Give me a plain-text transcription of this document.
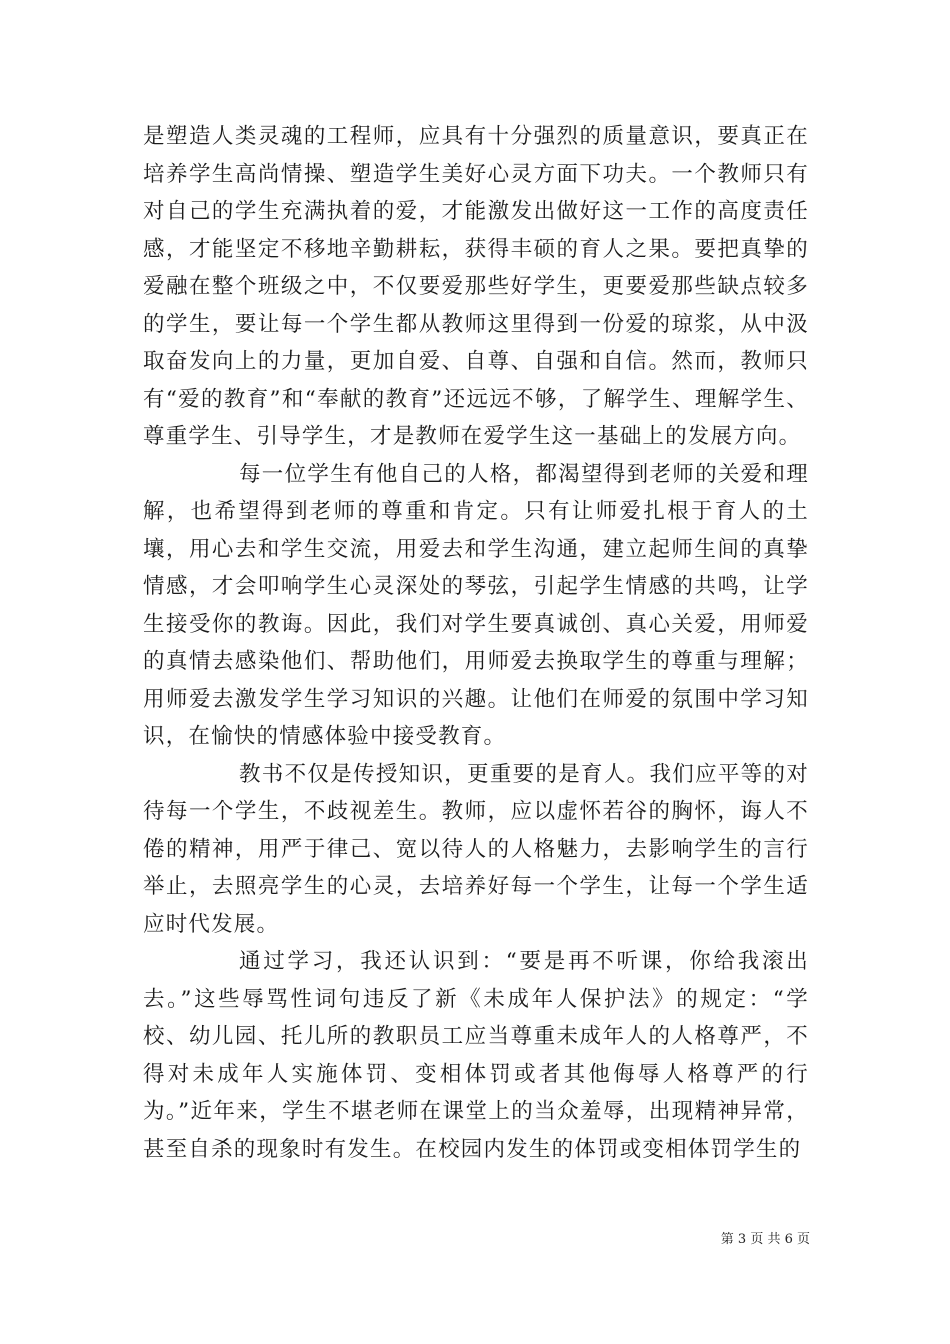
是塑造人类灵魂的工程师，应具有十分强烈的质量意识，要真正在培养学生高尚情操、塑造学生美好心灵方面下功夫。一个教师只有对自己的学生充满执着的爱，才能激发出做好这一工作的高度责任感，才能坚定不移地辛勤耕耘，获得丰硕的育人之果。要把真挚的爱融在整个班级之中，不仅要爱那些好学生，更要爱那些缺点较多的学生，要让每一个学生都从教师这里得到一份爱的琼浆，从中汲取奋发向上的力量，更加自爱、自尊、自强和自信。然而，教师只有“爱的教育”和“奉献的教育”还远远不够，了解学生、理解学生、尊重学生、引导学生，才是教师在爱学生这一基础上的发展方向。

每一位学生有他自己的人格，都渴望得到老师的关爱和理解，也希望得到老师的尊重和肯定。只有让师爱扎根于育人的土壤，用心去和学生交流，用爱去和学生沟通，建立起师生间的真挚情感，才会叩响学生心灵深处的琴弦，引起学生情感的共鸣，让学生接受你的教诲。因此，我们对学生要真诚创、真心关爱，用师爱的真情去感染他们、帮助他们，用师爱去换取学生的尊重与理解；用师爱去激发学生学习知识的兴趣。让他们在师爱的氛围中学习知识，在愉快的情感体验中接受教育。

教书不仅是传授知识，更重要的是育人。我们应平等的对待每一个学生，不歧视差生。教师，应以虚怀若谷的胸怀，诲人不倦的精神，用严于律己、宽以待人的人格魅力，去影响学生的言行举止，去照亮学生的心灵，去培养好每一个学生，让每一个学生适应时代发展。

通过学习，我还认识到：“要是再不听课，你给我滚出去。”这些辱骂性词句违反了新《未成年人保护法》的规定：“学校、幼儿园、托儿所的教职员工应当尊重未成年人的人格尊严，不得对未成年人实施体罚、变相体罚或者其他侮辱人格尊严的行为。”近年来，学生不堪老师在课堂上的当众羞辱，出现精神异常，甚至自杀的现象时有发生。在校园内发生的体罚或变相体罚学生的

第 3 页 共 6 页
